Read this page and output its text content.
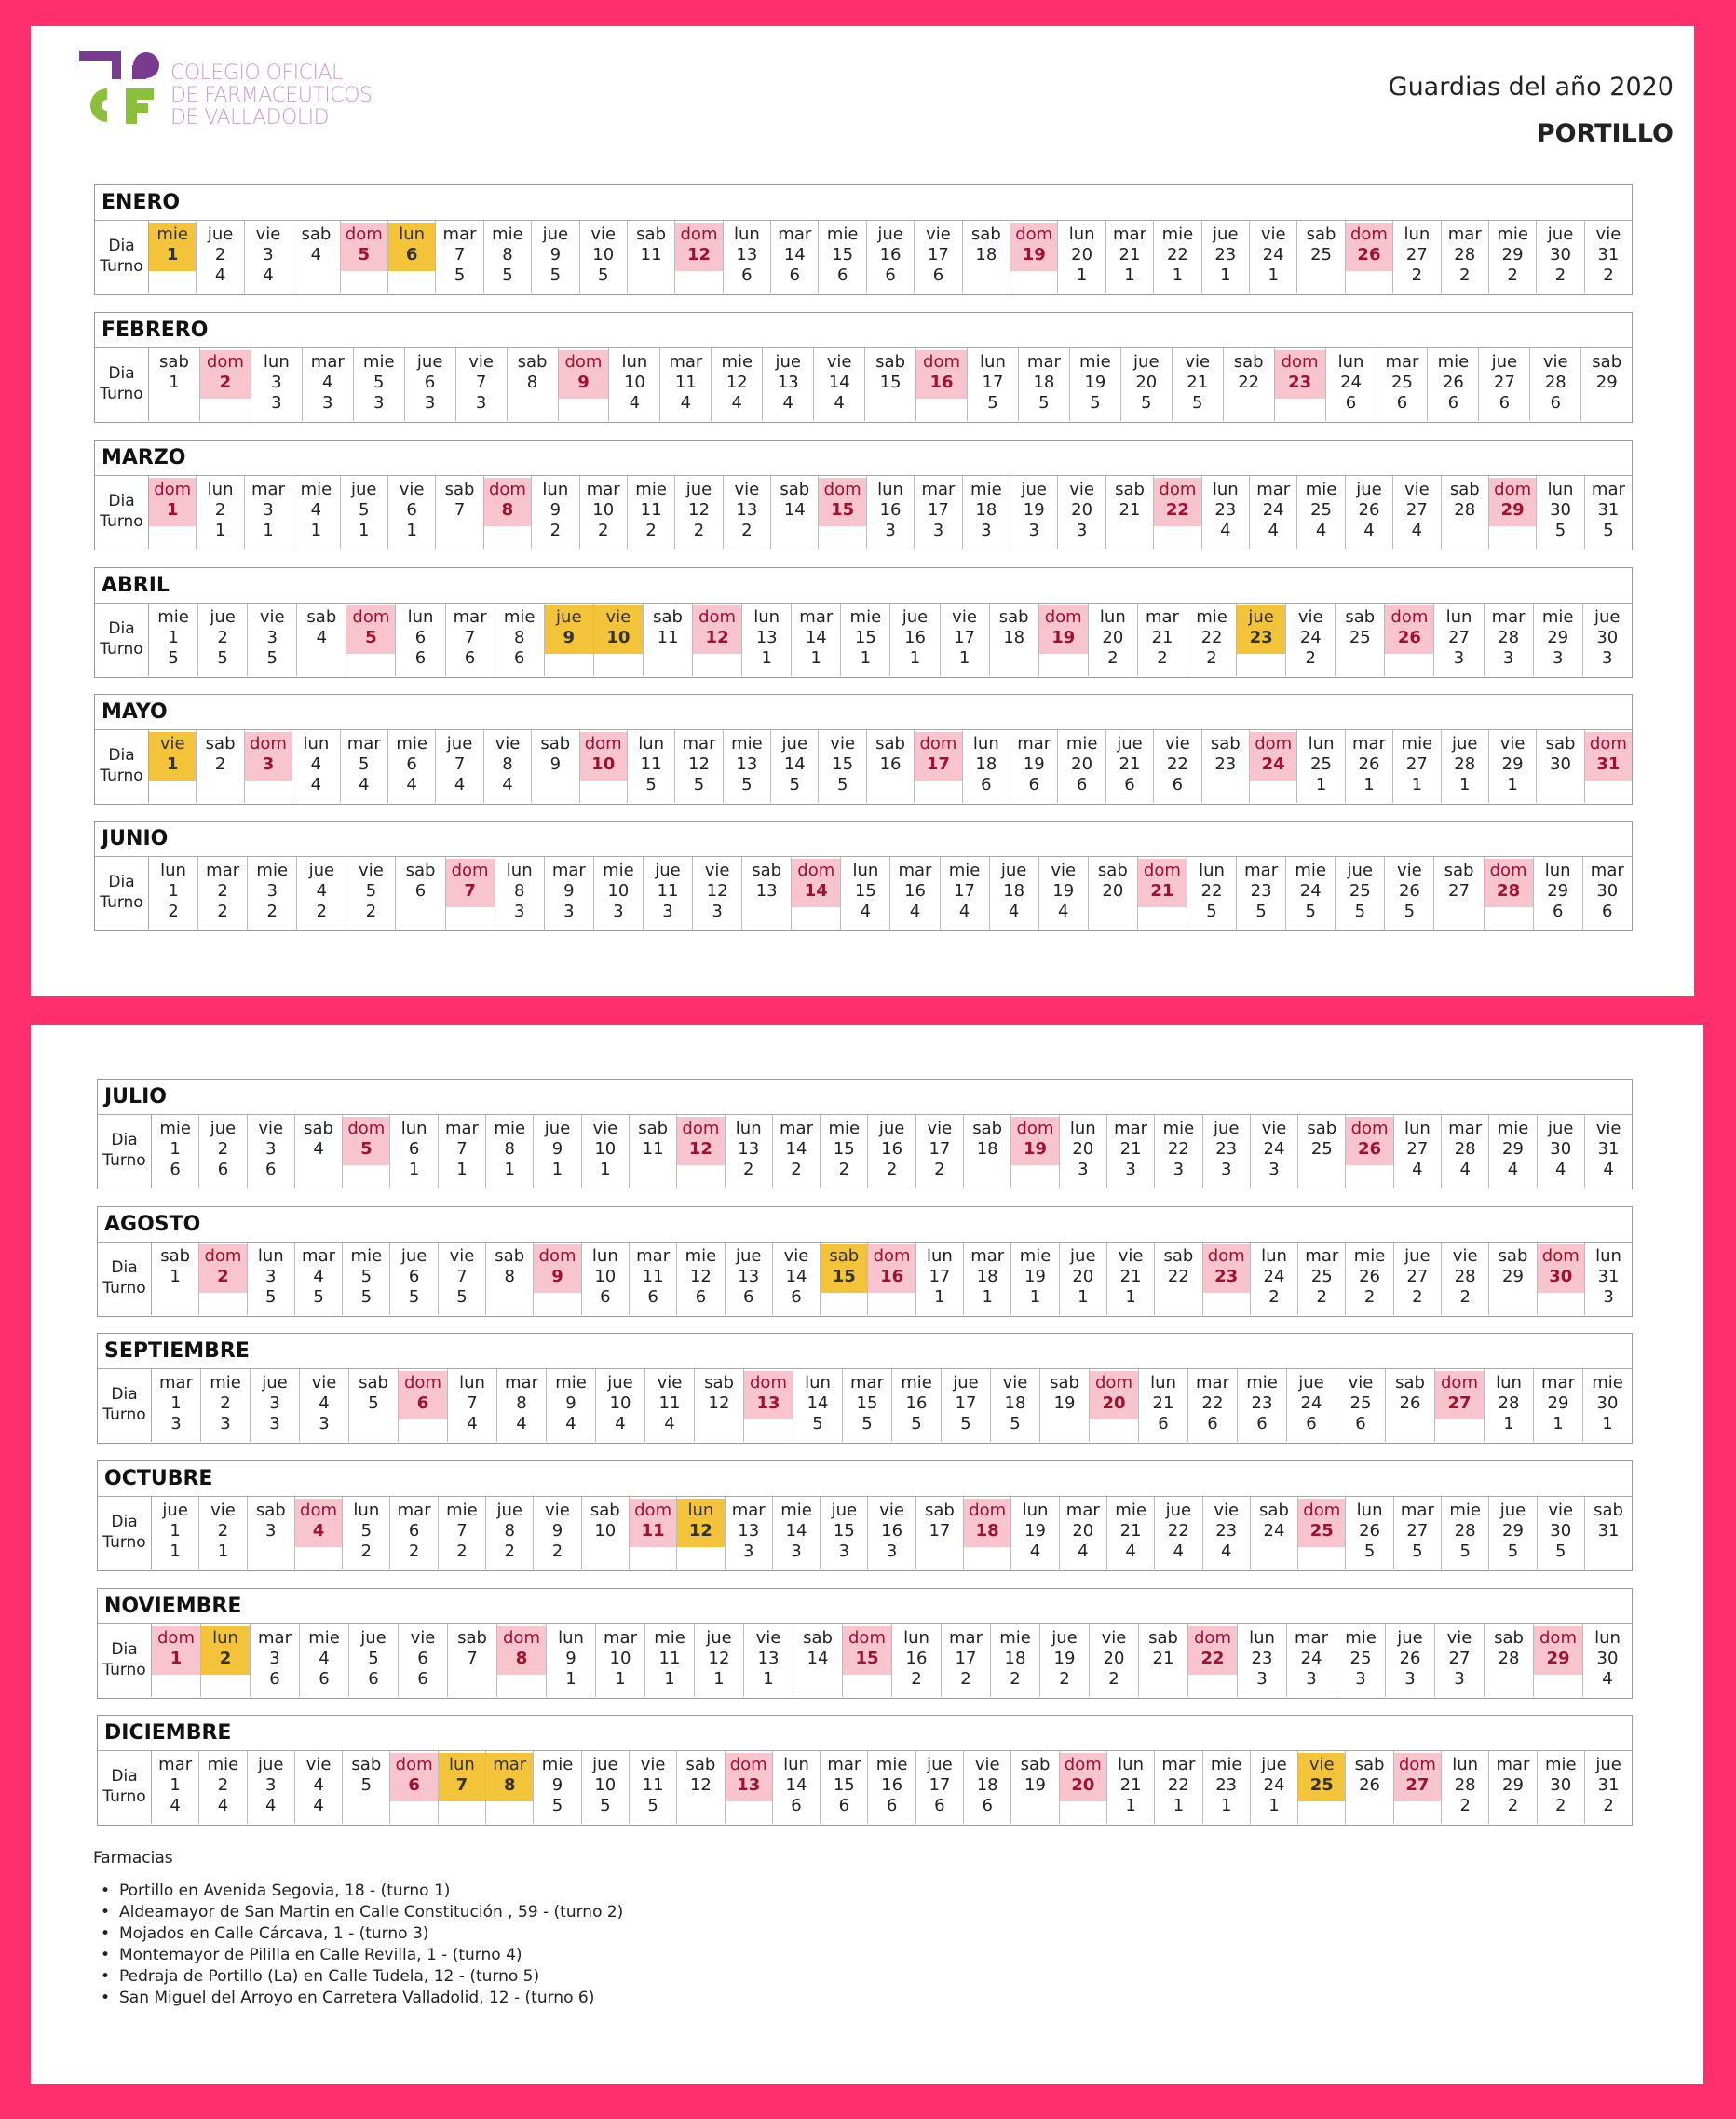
COLEGIO OFICIAL
DE FARMACEUTICOS
DE VALLADOLID
Guardias del año 2020
PORTILLO
ENERO
Dia
Turno
mie
1
jue
2
4
vie
3
4
sab
4
dom
5
lun
6
mar
7
5
mie
8
5
jue
9
5
vie
10
5
sab
11
dom
12
lun
13
6
mar
14
6
mie
15
6
jue
16
6
vie
17
6
sab
18
dom
19
lun
20
1
mar
21
1
mie
22
1
jue
23
1
vie
24
1
sab
25
dom
26
lun
27
2
mar
28
2
mie
29
2
jue
30
2
vie
31
2
FEBRERO
Dia
Turno
sab
1
dom
2
lun
3
3
mar
4
3
mie
5
3
jue
6
3
vie
7
3
sab
8
dom
9
lun
10
4
mar
11
4
mie
12
4
jue
13
4
vie
14
4
sab
15
dom
16
lun
17
5
mar
18
5
mie
19
5
jue
20
5
vie
21
5
sab
22
dom
23
lun
24
6
mar
25
6
mie
26
6
jue
27
6
vie
28
6
sab
29
MARZO
Dia
Turno
dom
1
lun
2
1
mar
3
1
mie
4
1
jue
5
1
vie
6
1
sab
7
dom
8
lun
9
2
mar
10
2
mie
11
2
jue
12
2
vie
13
2
sab
14
dom
15
lun
16
3
mar
17
3
mie
18
3
jue
19
3
vie
20
3
sab
21
dom
22
lun
23
4
mar
24
4
mie
25
4
jue
26
4
vie
27
4
sab
28
dom
29
lun
30
5
mar
31
5
ABRIL
Dia
Turno
mie
1
5
jue
2
5
vie
3
5
sab
4
dom
5
lun
6
6
mar
7
6
mie
8
6
jue
9
vie
10
sab
11
dom
12
lun
13
1
mar
14
1
mie
15
1
jue
16
1
vie
17
1
sab
18
dom
19
lun
20
2
mar
21
2
mie
22
2
jue
23
vie
24
2
sab
25
dom
26
lun
27
3
mar
28
3
mie
29
3
jue
30
3
MAYO
Dia
Turno
vie
1
sab
2
dom
3
lun
4
4
mar
5
4
mie
6
4
jue
7
4
vie
8
4
sab
9
dom
10
lun
11
5
mar
12
5
mie
13
5
jue
14
5
vie
15
5
sab
16
dom
17
lun
18
6
mar
19
6
mie
20
6
jue
21
6
vie
22
6
sab
23
dom
24
lun
25
1
mar
26
1
mie
27
1
jue
28
1
vie
29
1
sab
30
dom
31
JUNIO
Dia
Turno
lun
1
2
mar
2
2
mie
3
2
jue
4
2
vie
5
2
sab
6
dom
7
lun
8
3
mar
9
3
mie
10
3
jue
11
3
vie
12
3
sab
13
dom
14
lun
15
4
mar
16
4
mie
17
4
jue
18
4
vie
19
4
sab
20
dom
21
lun
22
5
mar
23
5
mie
24
5
jue
25
5
vie
26
5
sab
27
dom
28
lun
29
6
mar
30
6
JULIO
Dia
Turno
mie
1
6
jue
2
6
vie
3
6
sab
4
dom
5
lun
6
1
mar
7
1
mie
8
1
jue
9
1
vie
10
1
sab
11
dom
12
lun
13
2
mar
14
2
mie
15
2
jue
16
2
vie
17
2
sab
18
dom
19
lun
20
3
mar
21
3
mie
22
3
jue
23
3
vie
24
3
sab
25
dom
26
lun
27
4
mar
28
4
mie
29
4
jue
30
4
vie
31
4
AGOSTO
Dia
Turno
sab
1
dom
2
lun
3
5
mar
4
5
mie
5
5
jue
6
5
vie
7
5
sab
8
dom
9
lun
10
6
mar
11
6
mie
12
6
jue
13
6
vie
14
6
sab
15
dom
16
lun
17
1
mar
18
1
mie
19
1
jue
20
1
vie
21
1
sab
22
dom
23
lun
24
2
mar
25
2
mie
26
2
jue
27
2
vie
28
2
sab
29
dom
30
lun
31
3
SEPTIEMBRE
Dia
Turno
mar
1
3
mie
2
3
jue
3
3
vie
4
3
sab
5
dom
6
lun
7
4
mar
8
4
mie
9
4
jue
10
4
vie
11
4
sab
12
dom
13
lun
14
5
mar
15
5
mie
16
5
jue
17
5
vie
18
5
sab
19
dom
20
lun
21
6
mar
22
6
mie
23
6
jue
24
6
vie
25
6
sab
26
dom
27
lun
28
1
mar
29
1
mie
30
1
OCTUBRE
Dia
Turno
jue
1
1
vie
2
1
sab
3
dom
4
lun
5
2
mar
6
2
mie
7
2
jue
8
2
vie
9
2
sab
10
dom
11
lun
12
mar
13
3
mie
14
3
jue
15
3
vie
16
3
sab
17
dom
18
lun
19
4
mar
20
4
mie
21
4
jue
22
4
vie
23
4
sab
24
dom
25
lun
26
5
mar
27
5
mie
28
5
jue
29
5
vie
30
5
sab
31
NOVIEMBRE
Dia
Turno
dom
1
lun
2
mar
3
6
mie
4
6
jue
5
6
vie
6
6
sab
7
dom
8
lun
9
1
mar
10
1
mie
11
1
jue
12
1
vie
13
1
sab
14
dom
15
lun
16
2
mar
17
2
mie
18
2
jue
19
2
vie
20
2
sab
21
dom
22
lun
23
3
mar
24
3
mie
25
3
jue
26
3
vie
27
3
sab
28
dom
29
lun
30
4
DICIEMBRE
Dia
Turno
mar
1
4
mie
2
4
jue
3
4
vie
4
4
sab
5
dom
6
lun
7
mar
8
mie
9
5
jue
10
5
vie
11
5
sab
12
dom
13
lun
14
6
mar
15
6
mie
16
6
jue
17
6
vie
18
6
sab
19
dom
20
lun
21
1
mar
22
1
mie
23
1
jue
24
1
vie
25
sab
26
dom
27
lun
28
2
mar
29
2
mie
30
2
jue
31
2
Farmacias
• Portillo en Avenida Segovia, 18 - (turno 1)
• Aldeamayor de San Martin en Calle Constitución , 59 - (turno 2)
• Mojados en Calle Cárcava, 1 - (turno 3)
• Montemayor de Pililla en Calle Revilla, 1 - (turno 4)
• Pedraja de Portillo (La) en Calle Tudela, 12 - (turno 5)
• San Miguel del Arroyo en Carretera Valladolid, 12 - (turno 6)
